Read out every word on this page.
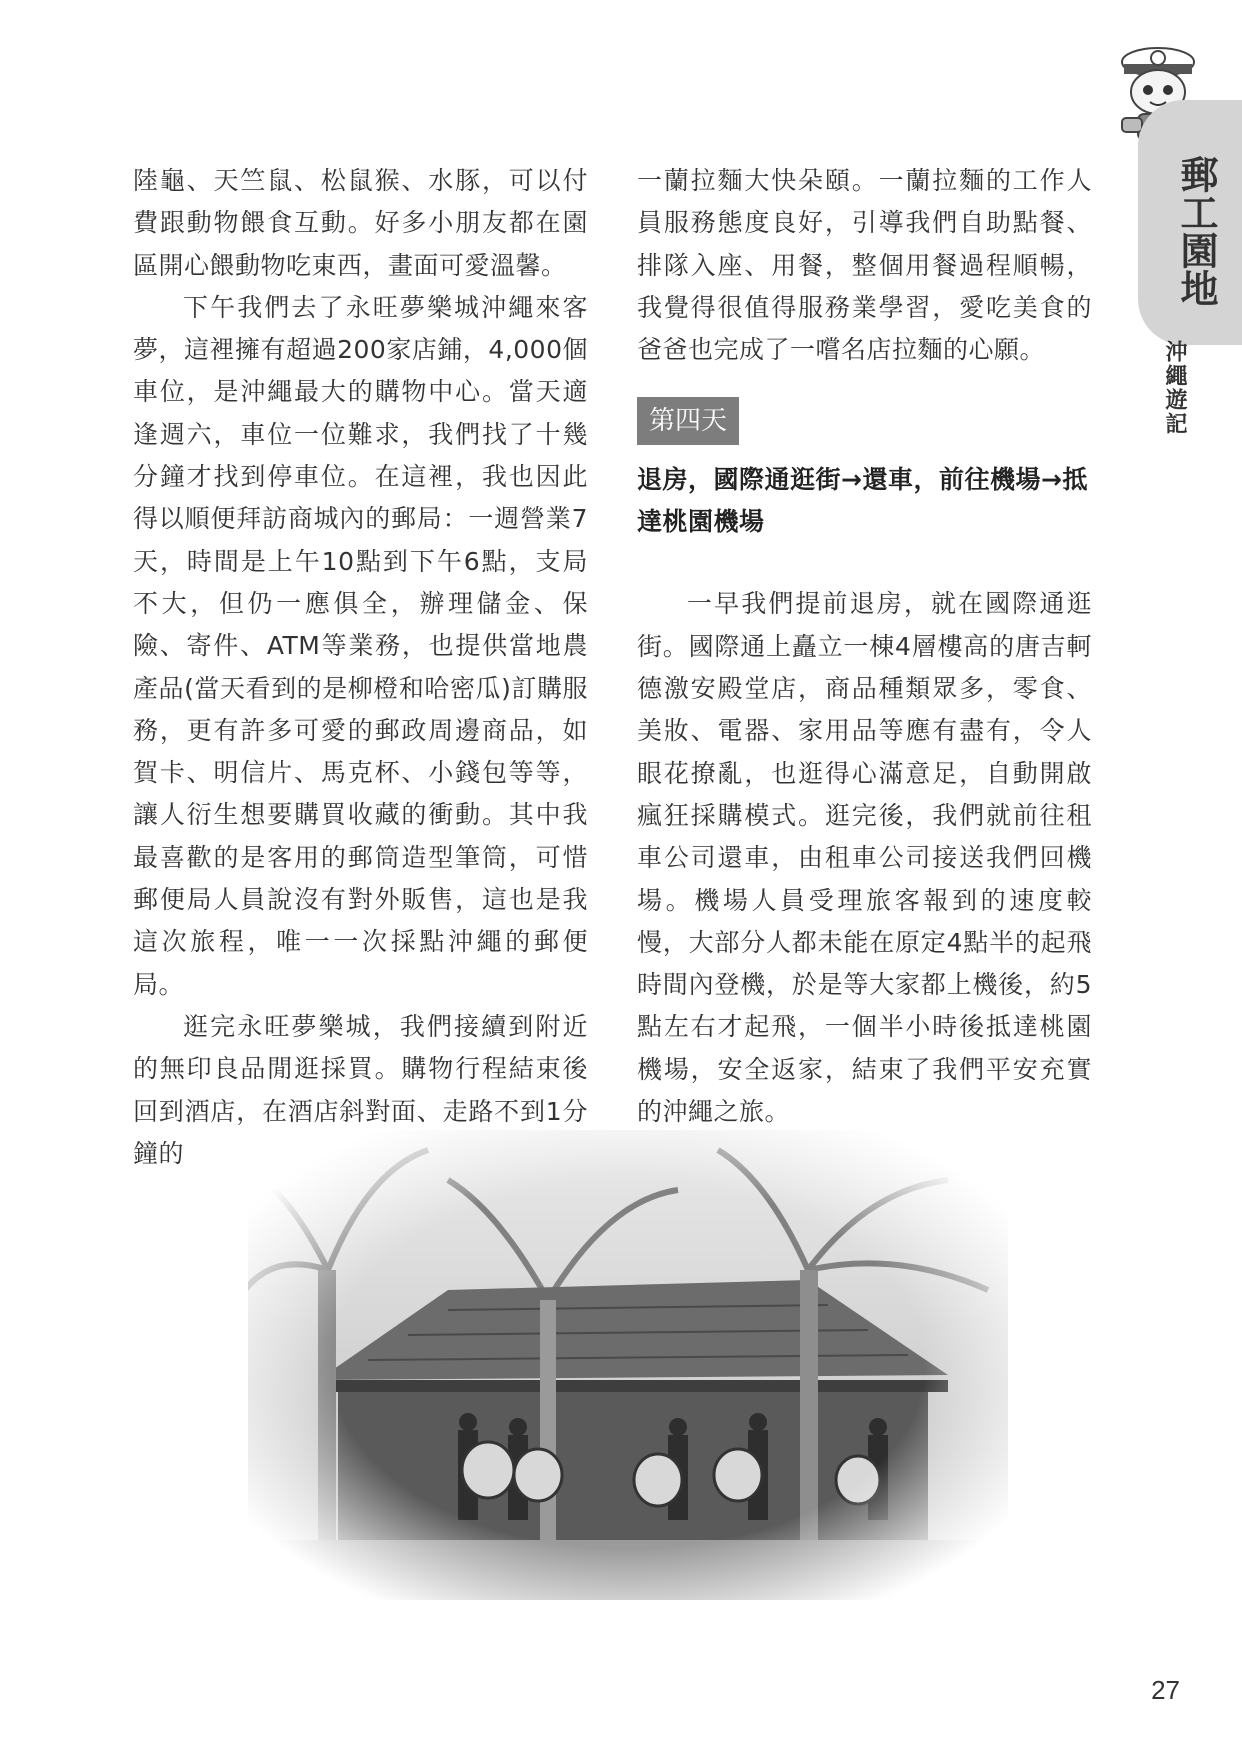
郵工園地
沖繩遊記

陸龜、天竺鼠、松鼠猴、水豚，可以付費跟動物餵食互動。好多小朋友都在園區開心餵動物吃東西，畫面可愛溫馨。

下午我們去了永旺夢樂城沖繩來客夢，這裡擁有超過200家店鋪，4,000個車位，是沖繩最大的購物中心。當天適逢週六，車位一位難求，我們找了十幾分鐘才找到停車位。在這裡，我也因此得以順便拜訪商城內的郵局：一週營業7天，時間是上午10點到下午6點，支局不大，但仍一應俱全，辦理儲金、保險、寄件、ATM等業務，也提供當地農產品(當天看到的是柳橙和哈密瓜)訂購服務，更有許多可愛的郵政周邊商品，如賀卡、明信片、馬克杯、小錢包等等，讓人衍生想要購買收藏的衝動。其中我最喜歡的是客用的郵筒造型筆筒，可惜郵便局人員說沒有對外販售，這也是我這次旅程，唯一一次採點沖繩的郵便局。

逛完永旺夢樂城，我們接續到附近的無印良品閒逛採買。購物行程結束後回到酒店，在酒店斜對面、走路不到1分鐘的

一蘭拉麵大快朵頤。一蘭拉麵的工作人員服務態度良好，引導我們自助點餐、排隊入座、用餐，整個用餐過程順暢，我覺得很值得服務業學習，愛吃美食的爸爸也完成了一嚐名店拉麵的心願。

第四天

退房，國際通逛街→還車，前往機場→抵達桃園機場

一早我們提前退房，就在國際通逛街。國際通上矗立一棟4層樓高的唐吉軻德激安殿堂店，商品種類眾多，零食、美妝、電器、家用品等應有盡有，令人眼花撩亂，也逛得心滿意足，自動開啟瘋狂採購模式。逛完後，我們就前往租車公司還車，由租車公司接送我們回機場。機場人員受理旅客報到的速度較慢，大部分人都未能在原定4點半的起飛時間內登機，於是等大家都上機後，約5點左右才起飛，一個半小時後抵達桃園機場，安全返家，結束了我們平安充實的沖繩之旅。

27
